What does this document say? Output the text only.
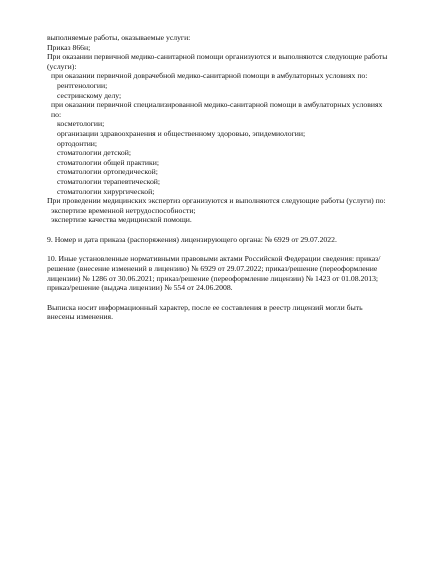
выполняемые работы, оказываемые услуги:
Приказ 866н;
При оказании первичной медико-санитарной помощи организуются и выполняются следующие работы (услуги):
при оказании первичной доврачебной медико-санитарной помощи в амбулаторных условиях по:
рентгенологии;
сестринскому делу;
при оказании первичной специализированной медико-санитарной помощи в амбулаторных условиях по:
косметологии;
организации здравоохранения и общественному здоровью, эпидемиологии;
ортодонтии;
стоматологии детской;
стоматологии общей практики;
стоматологии ортопедической;
стоматологии терапевтической;
стоматологии хирургической;
При проведении медицинских экспертиз организуются и выполняются следующие работы (услуги) по:
экспертизе временной нетрудоспособности;
экспертизе качества медицинской помощи.
9. Номер и дата приказа (распоряжения) лицензирующего органа: № 6929 от 29.07.2022.
10. Иные установленные нормативными правовыми актами Российской Федерации сведения: приказ/решение (внесение изменений в лицензию) № 6929 от 29.07.2022; приказ/решение (переоформление лицензии) № 1286 от 30.06.2021; приказ/решение (переоформление лицензии) № 1423 от 01.08.2013; приказ/решение (выдача лицензии) № 554 от 24.06.2008.
Выписка носит информационный характер, после ее составления в реестр лицензий могли быть внесены изменения.
